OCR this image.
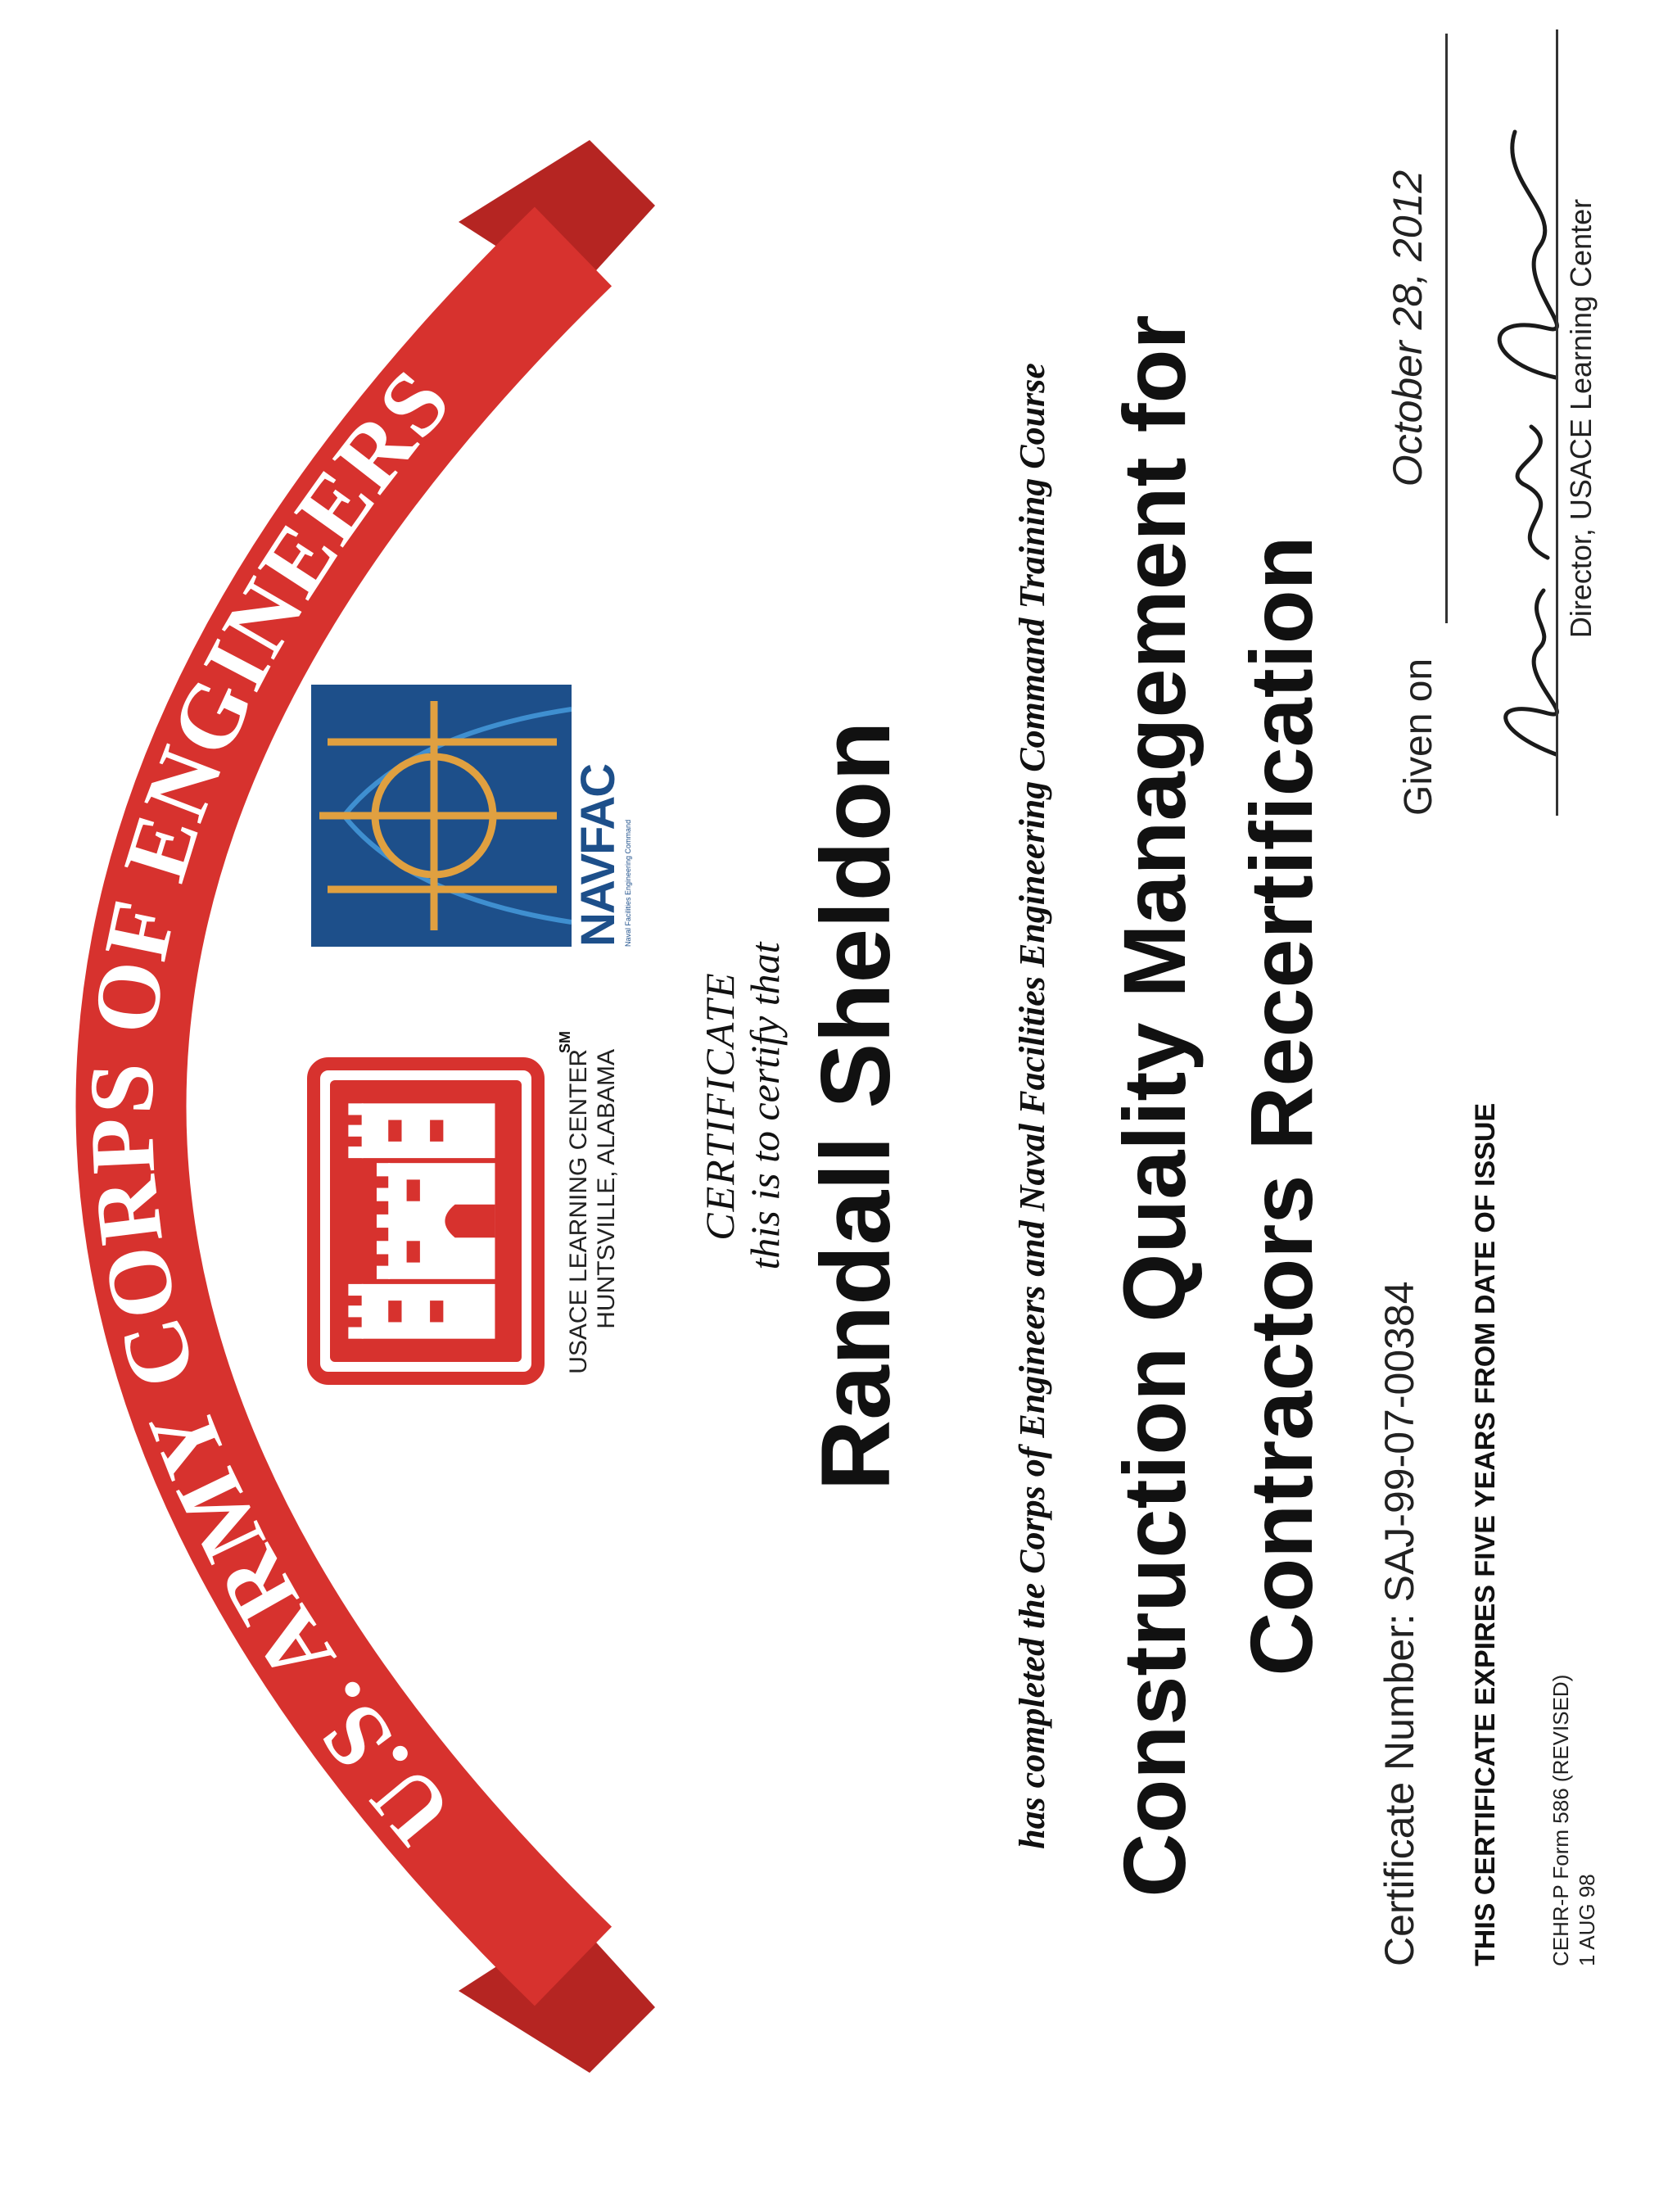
U.S. ARMY CORPS OF ENGINEERS
SM
USACE LEARNING CENTER HUNTSVILLE, ALABAMA
NAVFAC Naval Facilities Engineering Command
CERTIFICATE this is to certify that Randall Sheldon	has completed the Corps of Engineers and Naval Facilities Engineering Command Training Course Construction Quality Management for Contractors Recertification
Certificate Number: SAJ-99-07-00384 THIS CERTIFICATE EXPIRES FIVE YEARS FROM DATE OF ISSUE CEHR-P Form 586 (REVISED) 1 AUG 98
Given on
October 28, 2012	Director, USACE Learning Center
